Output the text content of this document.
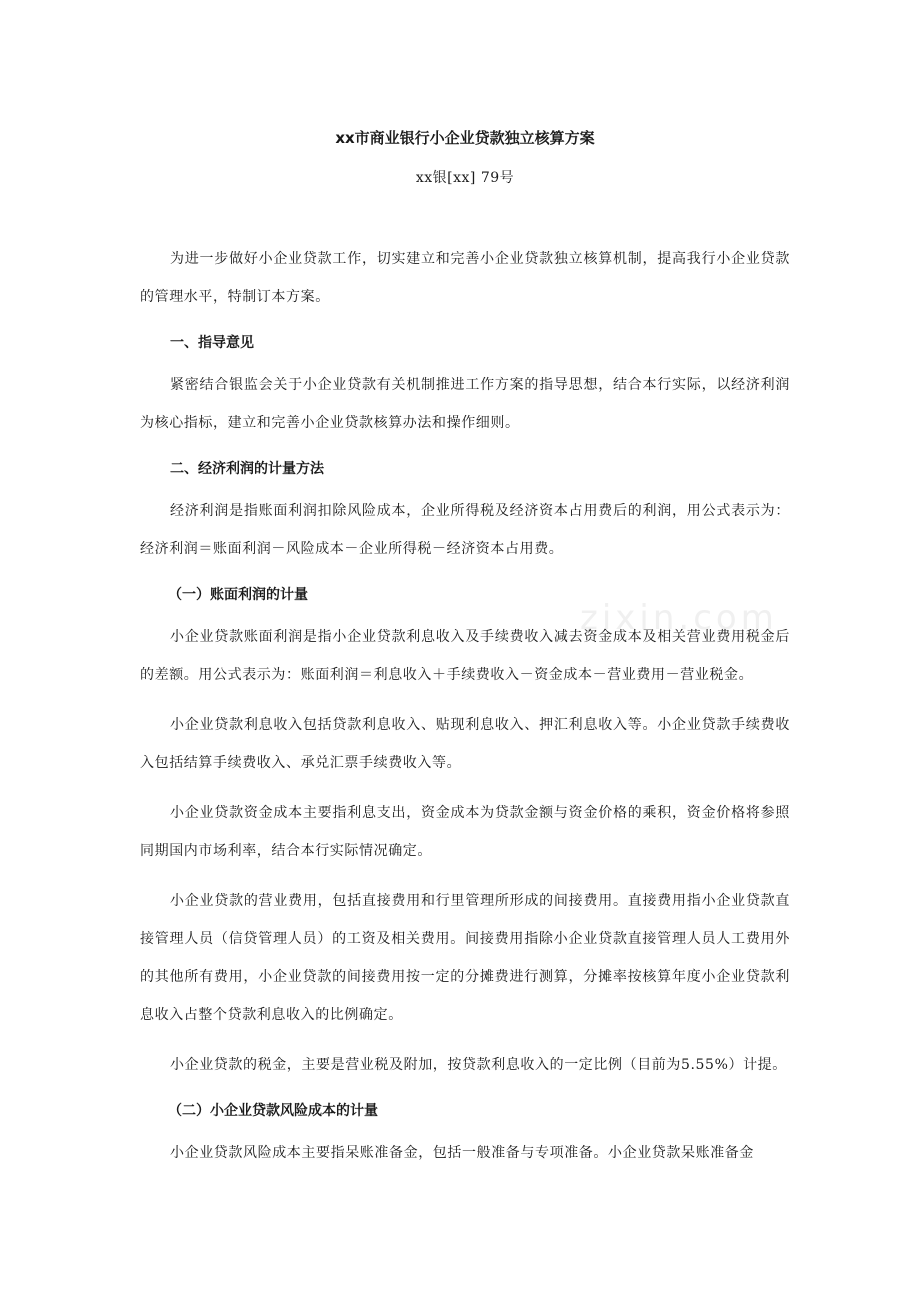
xx市商业银行小企业贷款独立核算方案
xx银[xx] 79号

为进一步做好小企业贷款工作，切实建立和完善小企业贷款独立核算机制，提高我行小企业贷款的管理水平，特制订本方案。

一、指导意见

紧密结合银监会关于小企业贷款有关机制推进工作方案的指导思想，结合本行实际，以经济利润为核心指标，建立和完善小企业贷款核算办法和操作细则。

二、经济利润的计量方法

经济利润是指账面利润扣除风险成本，企业所得税及经济资本占用费后的利润，用公式表示为：经济利润＝账面利润－风险成本－企业所得税－经济资本占用费。

（一）账面利润的计量

小企业贷款账面利润是指小企业贷款利息收入及手续费收入减去资金成本及相关营业费用税金后的差额。用公式表示为：账面利润＝利息收入＋手续费收入－资金成本－营业费用－营业税金。

小企业贷款利息收入包括贷款利息收入、贴现利息收入、押汇利息收入等。小企业贷款手续费收入包括结算手续费收入、承兑汇票手续费收入等。

小企业贷款资金成本主要指利息支出，资金成本为贷款金额与资金价格的乘积，资金价格将参照同期国内市场利率，结合本行实际情况确定。

小企业贷款的营业费用，包括直接费用和行里管理所形成的间接费用。直接费用指小企业贷款直接管理人员（信贷管理人员）的工资及相关费用。间接费用指除小企业贷款直接管理人员人工费用外的其他所有费用，小企业贷款的间接费用按一定的分摊费进行测算，分摊率按核算年度小企业贷款利息收入占整个贷款利息收入的比例确定。

小企业贷款的税金，主要是营业税及附加，按贷款利息收入的一定比例（目前为5.55%）计提。

（二）小企业贷款风险成本的计量

小企业贷款风险成本主要指呆账准备金，包括一般准备与专项准备。小企业贷款呆账准备金

zixin.com
